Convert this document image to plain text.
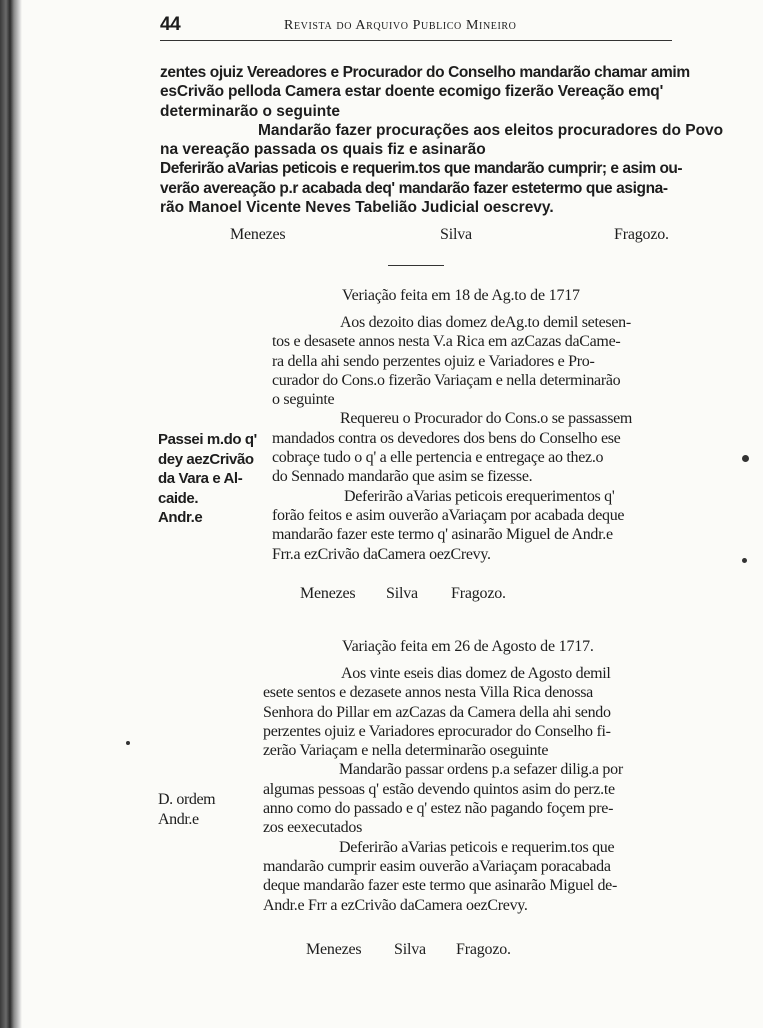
44	Revista do Arquivo Publico Mineiro
zentes ojuiz Vereadores e Procurador do Conselho mandarão chamar amim
esCrivão pelloda Camera estar doente ecomigo fizerão Vereação emq'
determinarão o seguinte
Mandarão fazer procurações aos eleitos procuradores do Povo
na vereação passada os quais fiz e asinarão
Deferirão aVarias peticois e requerim.tos que mandarão cumprir; e asim ou-
verão avereação p.r acabada deq' mandarão fazer estetermo que asigna-
rão Manoel Vicente Neves Tabelião Judicial oescrevy.
Menezes	Silva	Fragozo.
Veriação feita em 18 de Ag.to de 1717
Aos dezoito dias domez deAg.to demil setesen-
tos e desasete annos nesta V.a Rica em azCazas daCame-
ra della ahi sendo perzentes ojuiz e Variadores e Pro-
curador do Cons.o fizerão Variaçam e nella determinarão
o seguinte
Requereu o Procurador do Cons.o se passassem
mandados contra os devedores dos bens do Conselho ese
cobraçe tudo o q' a elle pertencia e entregaçe ao thez.o
do Sennado mandarão que asim se fizesse.
Deferirão aVarias peticois erequerimentos q'
forão feitos e asim ouverão aVariaçam por acabada deque
mandarão fazer este termo q' asinarão Miguel de Andr.e
Frr.a ezCrivão daCamera oezCrevy.
Passei m.do q'
dey aezCrivão
da Vara e Al-
caide.
Andr.e
Menezes Silva Fragozo.
Variação feita em 26 de Agosto de 1717.
Aos vinte eseis dias domez de Agosto demil
esete sentos e dezasete annos nesta Villa Rica denossa
Senhora do Pillar em azCazas da Camera della ahi sendo
perzentes ojuiz e Variadores eprocurador do Conselho fi-
zerão Variaçam e nella determinarão oseguinte
Mandarão passar ordens p.a sefazer dilig.a por
algumas pessoas q' estão devendo quintos asim do perz.te
anno como do passado e q' estez não pagando foçem pre-
zos eexecutados
Deferirão aVarias peticois e requerim.tos que
mandarão cumprir easim ouverão aVariaçam poracabada
deque mandarão fazer este termo que asinarão Miguel de-
Andr.e Frr a ezCrivão daCamera oezCrevy.
D. ordem
Andr.e
Menezes Silva Fragozo.
